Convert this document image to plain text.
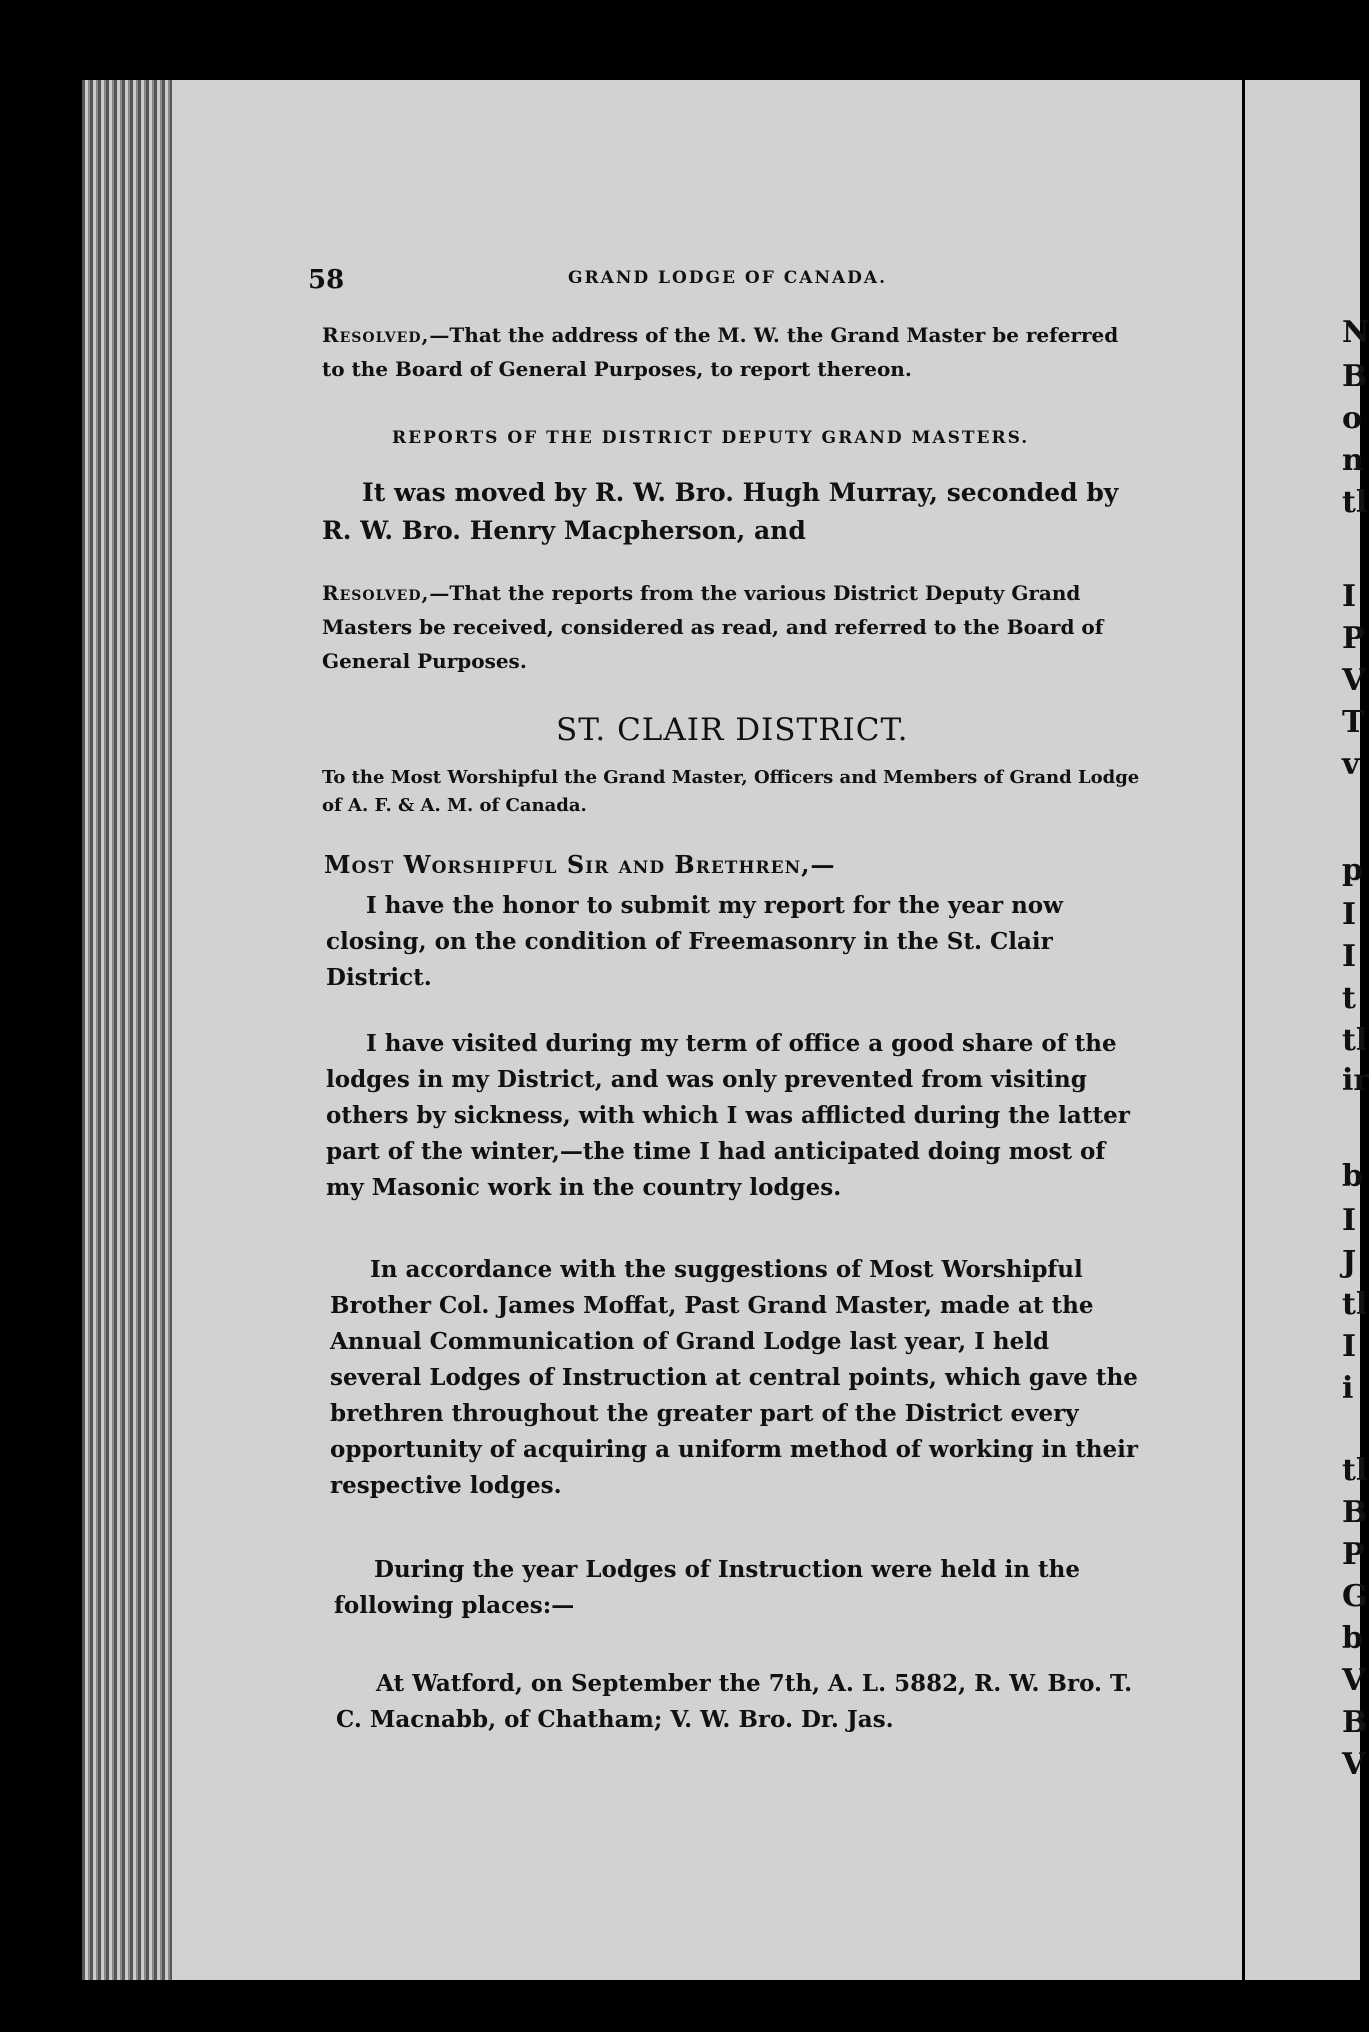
58	GRAND LODGE OF CANADA.
Resolved,—That the address of the M. W. the Grand Master be referred to the Board of General Purposes, to report thereon.
REPORTS OF THE DISTRICT DEPUTY GRAND MASTERS.
It was moved by R. W. Bro. Hugh Murray, seconded by R. W. Bro. Henry Macpherson, and
Resolved,—That the reports from the various District Deputy Grand Masters be received, considered as read, and referred to the Board of General Purposes.
ST. CLAIR DISTRICT.
To the Most Worshipful the Grand Master, Officers and Members of Grand Lodge of A. F. & A. M. of Canada.
Most Worshipful Sir and Brethren,—
I have the honor to submit my report for the year now closing, on the condition of Freemasonry in the St. Clair District.
I have visited during my term of office a good share of the lodges in my District, and was only prevented from visiting others by sickness, with which I was afflicted during the latter part of the winter,—the time I had anticipated doing most of my Masonic work in the country lodges.
In accordance with the suggestions of Most Worshipful Brother Col. James Moffat, Past Grand Master, made at the Annual Communication of Grand Lodge last year, I held several Lodges of Instruction at central points, which gave the brethren throughout the greater part of the District every opportunity of acquiring a uniform method of working in their respective lodges.
During the year Lodges of Instruction were held in the following places:—
At Watford, on September the 7th, A. L. 5882, R. W. Bro. T. C. Macnabb, of Chatham; V. W. Bro. Dr. Jas.
N
B
o
n
tl
I
P
V
T
v
p
I
I
t
tl
ir
b
I
J
tl
I
i
tl
B
P
G
b
V
B
V
